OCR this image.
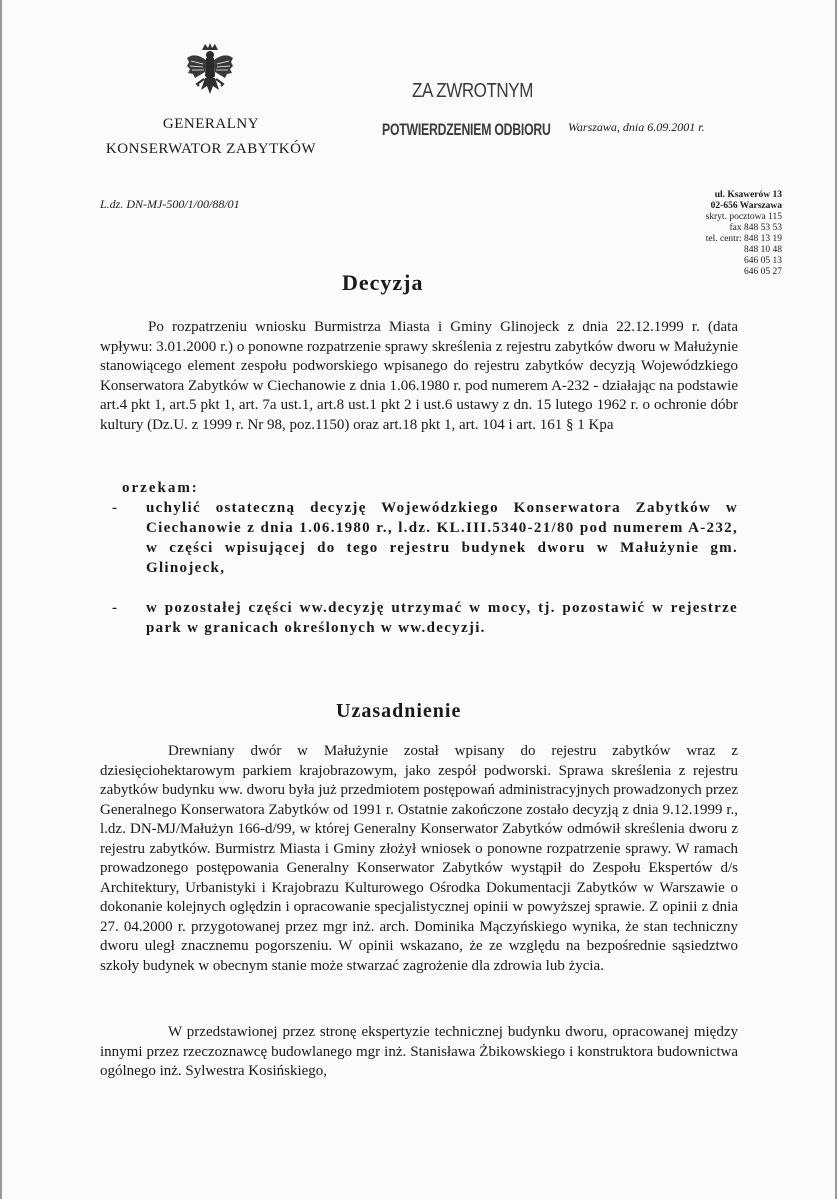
GENERALNY
KONSERWATOR ZABYTKÓW
ZA ZWROTNYM
POTWIERDZENIEM ODBIORU Warszawa, dnia 6.09.2001 r.
L.dz. DN-MJ-500/1/00/88/01
ul. Ksawerów 13
02-656 Warszawa
skryt. pocztowa 115
fax 848 53 53
tel. centr: 848 13 19
848 10 48
646 05 13
646 05 27
Decyzja
Po rozpatrzeniu wniosku Burmistrza Miasta i Gminy Glinojeck z dnia 22.12.1999 r. (data wpływu: 3.01.2000 r.) o ponowne rozpatrzenie sprawy skreślenia z rejestru zabytków dworu w Małużynie stanowiącego element zespołu podworskiego wpisanego do rejestru zabytków decyzją Wojewódzkiego Konserwatora Zabytków w Ciechanowie z dnia 1.06.1980 r. pod numerem A-232 - działając na podstawie art.4 pkt 1, art.5 pkt 1, art. 7a ust.1, art.8 ust.1 pkt 2 i ust.6 ustawy z dn. 15 lutego 1962 r. o ochronie dóbr kultury (Dz.U. z 1999 r. Nr 98, poz.1150) oraz art.18 pkt 1, art. 104 i art. 161 § 1 Kpa
orzekam:
- uchylić ostateczną decyzję Wojewódzkiego Konserwatora Zabytków w Ciechanowie z dnia 1.06.1980 r., l.dz. KL.III.5340-21/80 pod numerem A-232, w części wpisującej do tego rejestru budynek dworu w Małużynie gm. Glinojeck,
- w pozostałej części ww.decyzję utrzymać w mocy, tj. pozostawić w rejestrze park w granicach określonych w ww.decyzji.
Uzasadnienie
Drewniany dwór w Małużynie został wpisany do rejestru zabytków wraz z dziesięciohektarowym parkiem krajobrazowym, jako zespół podworski. Sprawa skreślenia z rejestru zabytków budynku ww. dworu była już przedmiotem postępowań administracyjnych prowadzonych przez Generalnego Konserwatora Zabytków od 1991 r. Ostatnie zakończone zostało decyzją z dnia 9.12.1999 r., l.dz. DN-MJ/Małużyn 166-d/99, w której Generalny Konserwator Zabytków odmówił skreślenia dworu z rejestru zabytków. Burmistrz Miasta i Gminy złożył wniosek o ponowne rozpatrzenie sprawy. W ramach prowadzonego postępowania Generalny Konserwator Zabytków wystąpił do Zespołu Ekspertów d/s Architektury, Urbanistyki i Krajobrazu Kulturowego Ośrodka Dokumentacji Zabytków w Warszawie o dokonanie kolejnych oględzin i opracowanie specjalistycznej opinii w powyższej sprawie. Z opinii z dnia 27. 04.2000 r. przygotowanej przez mgr inż. arch. Dominika Mączyńskiego wynika, że stan techniczny dworu uległ znacznemu pogorszeniu. W opinii wskazano, że ze względu na bezpośrednie sąsiedztwo szkoły budynek w obecnym stanie może stwarzać zagrożenie dla zdrowia lub życia.
W przedstawionej przez stronę ekspertyzie technicznej budynku dworu, opracowanej między innymi przez rzeczoznawcę budowlanego mgr inż. Stanisława Żbikowskiego i konstruktora budownictwa ogólnego inż. Sylwestra Kosińskiego,
